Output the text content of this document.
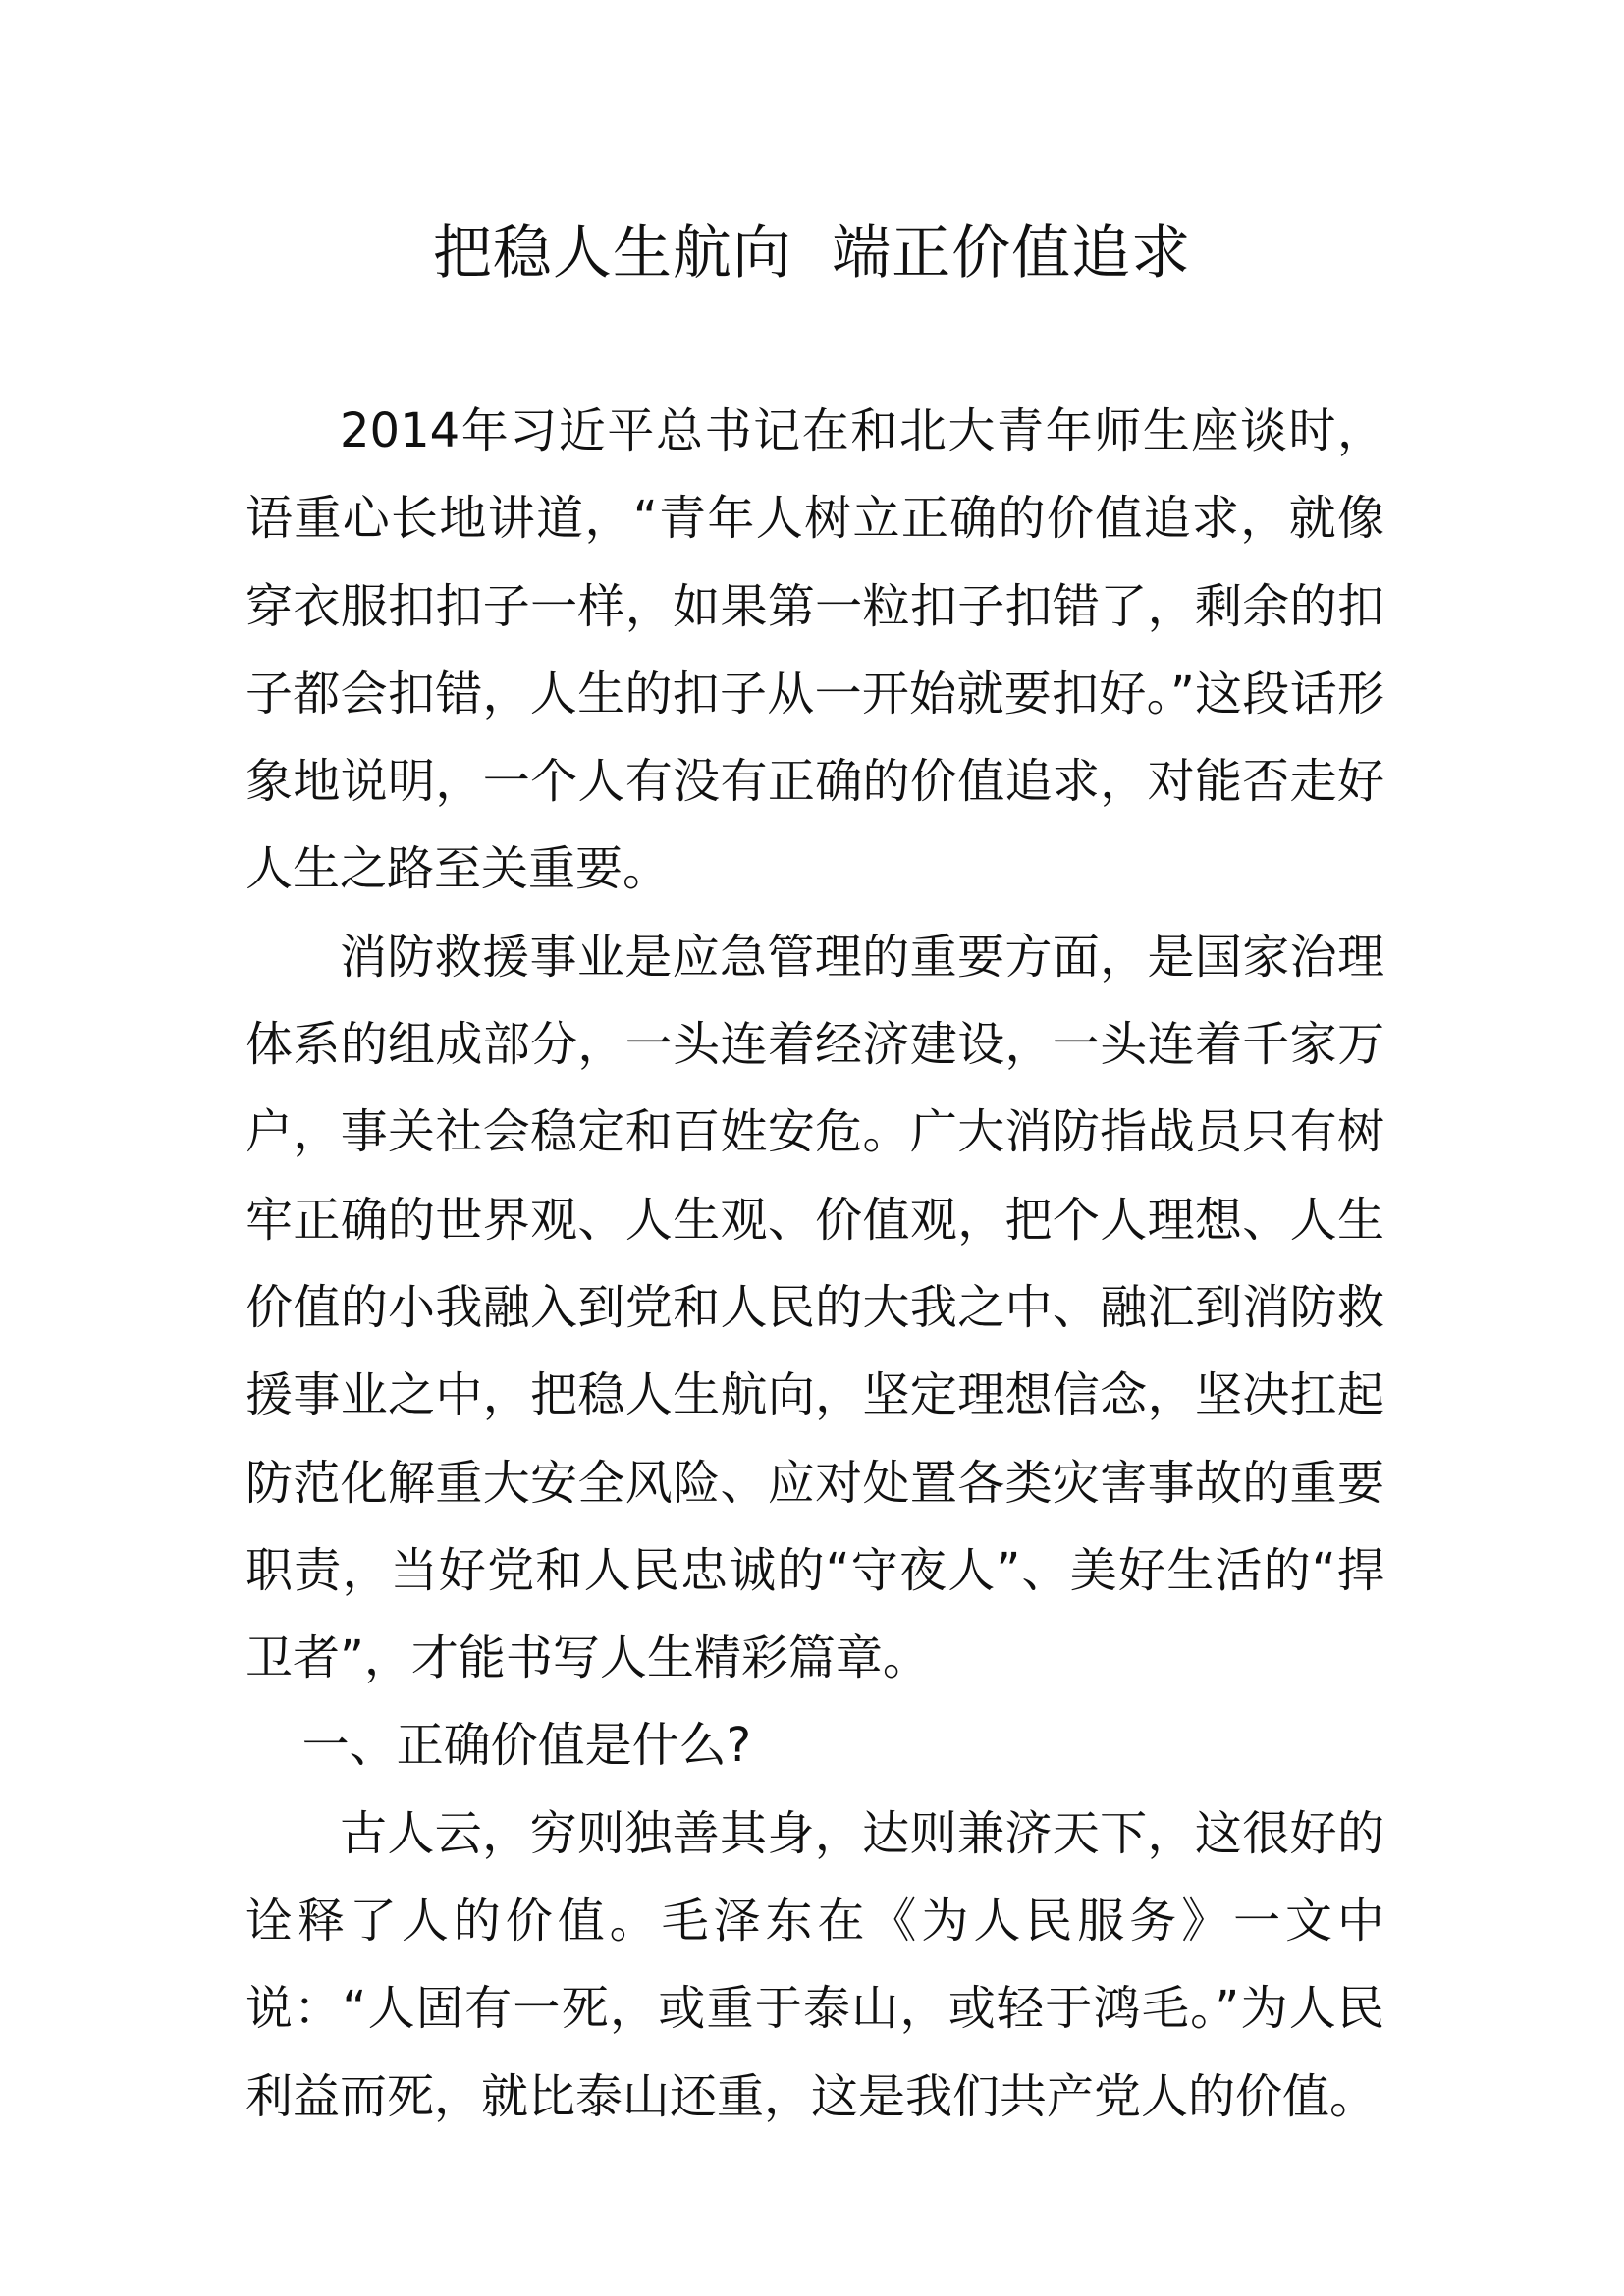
把稳人生航向  端正价值追求

2014年习近平总书记在和北大青年师生座谈时，语重心长地讲道，“青年人树立正确的价值追求，就像穿衣服扣扣子一样，如果第一粒扣子扣错了，剩余的扣子都会扣错，人生的扣子从一开始就要扣好。”这段话形象地说明，一个人有没有正确的价值追求，对能否走好人生之路至关重要。

消防救援事业是应急管理的重要方面，是国家治理体系的组成部分，一头连着经济建设，一头连着千家万户，事关社会稳定和百姓安危。广大消防指战员只有树牢正确的世界观、人生观、价值观，把个人理想、人生价值的小我融入到党和人民的大我之中、融汇到消防救援事业之中，把稳人生航向，坚定理想信念，坚决扛起防范化解重大安全风险、应对处置各类灾害事故的重要职责，当好党和人民忠诚的“守夜人”、美好生活的“捍卫者”，才能书写人生精彩篇章。

一、正确价值是什么?

古人云，穷则独善其身，达则兼济天下，这很好的诠释了人的价值。毛泽东在《为人民服务》一文中说：“人固有一死，或重于泰山，或轻于鸿毛。”为人民利益而死，就比泰山还重，这是我们共产党人的价值。
